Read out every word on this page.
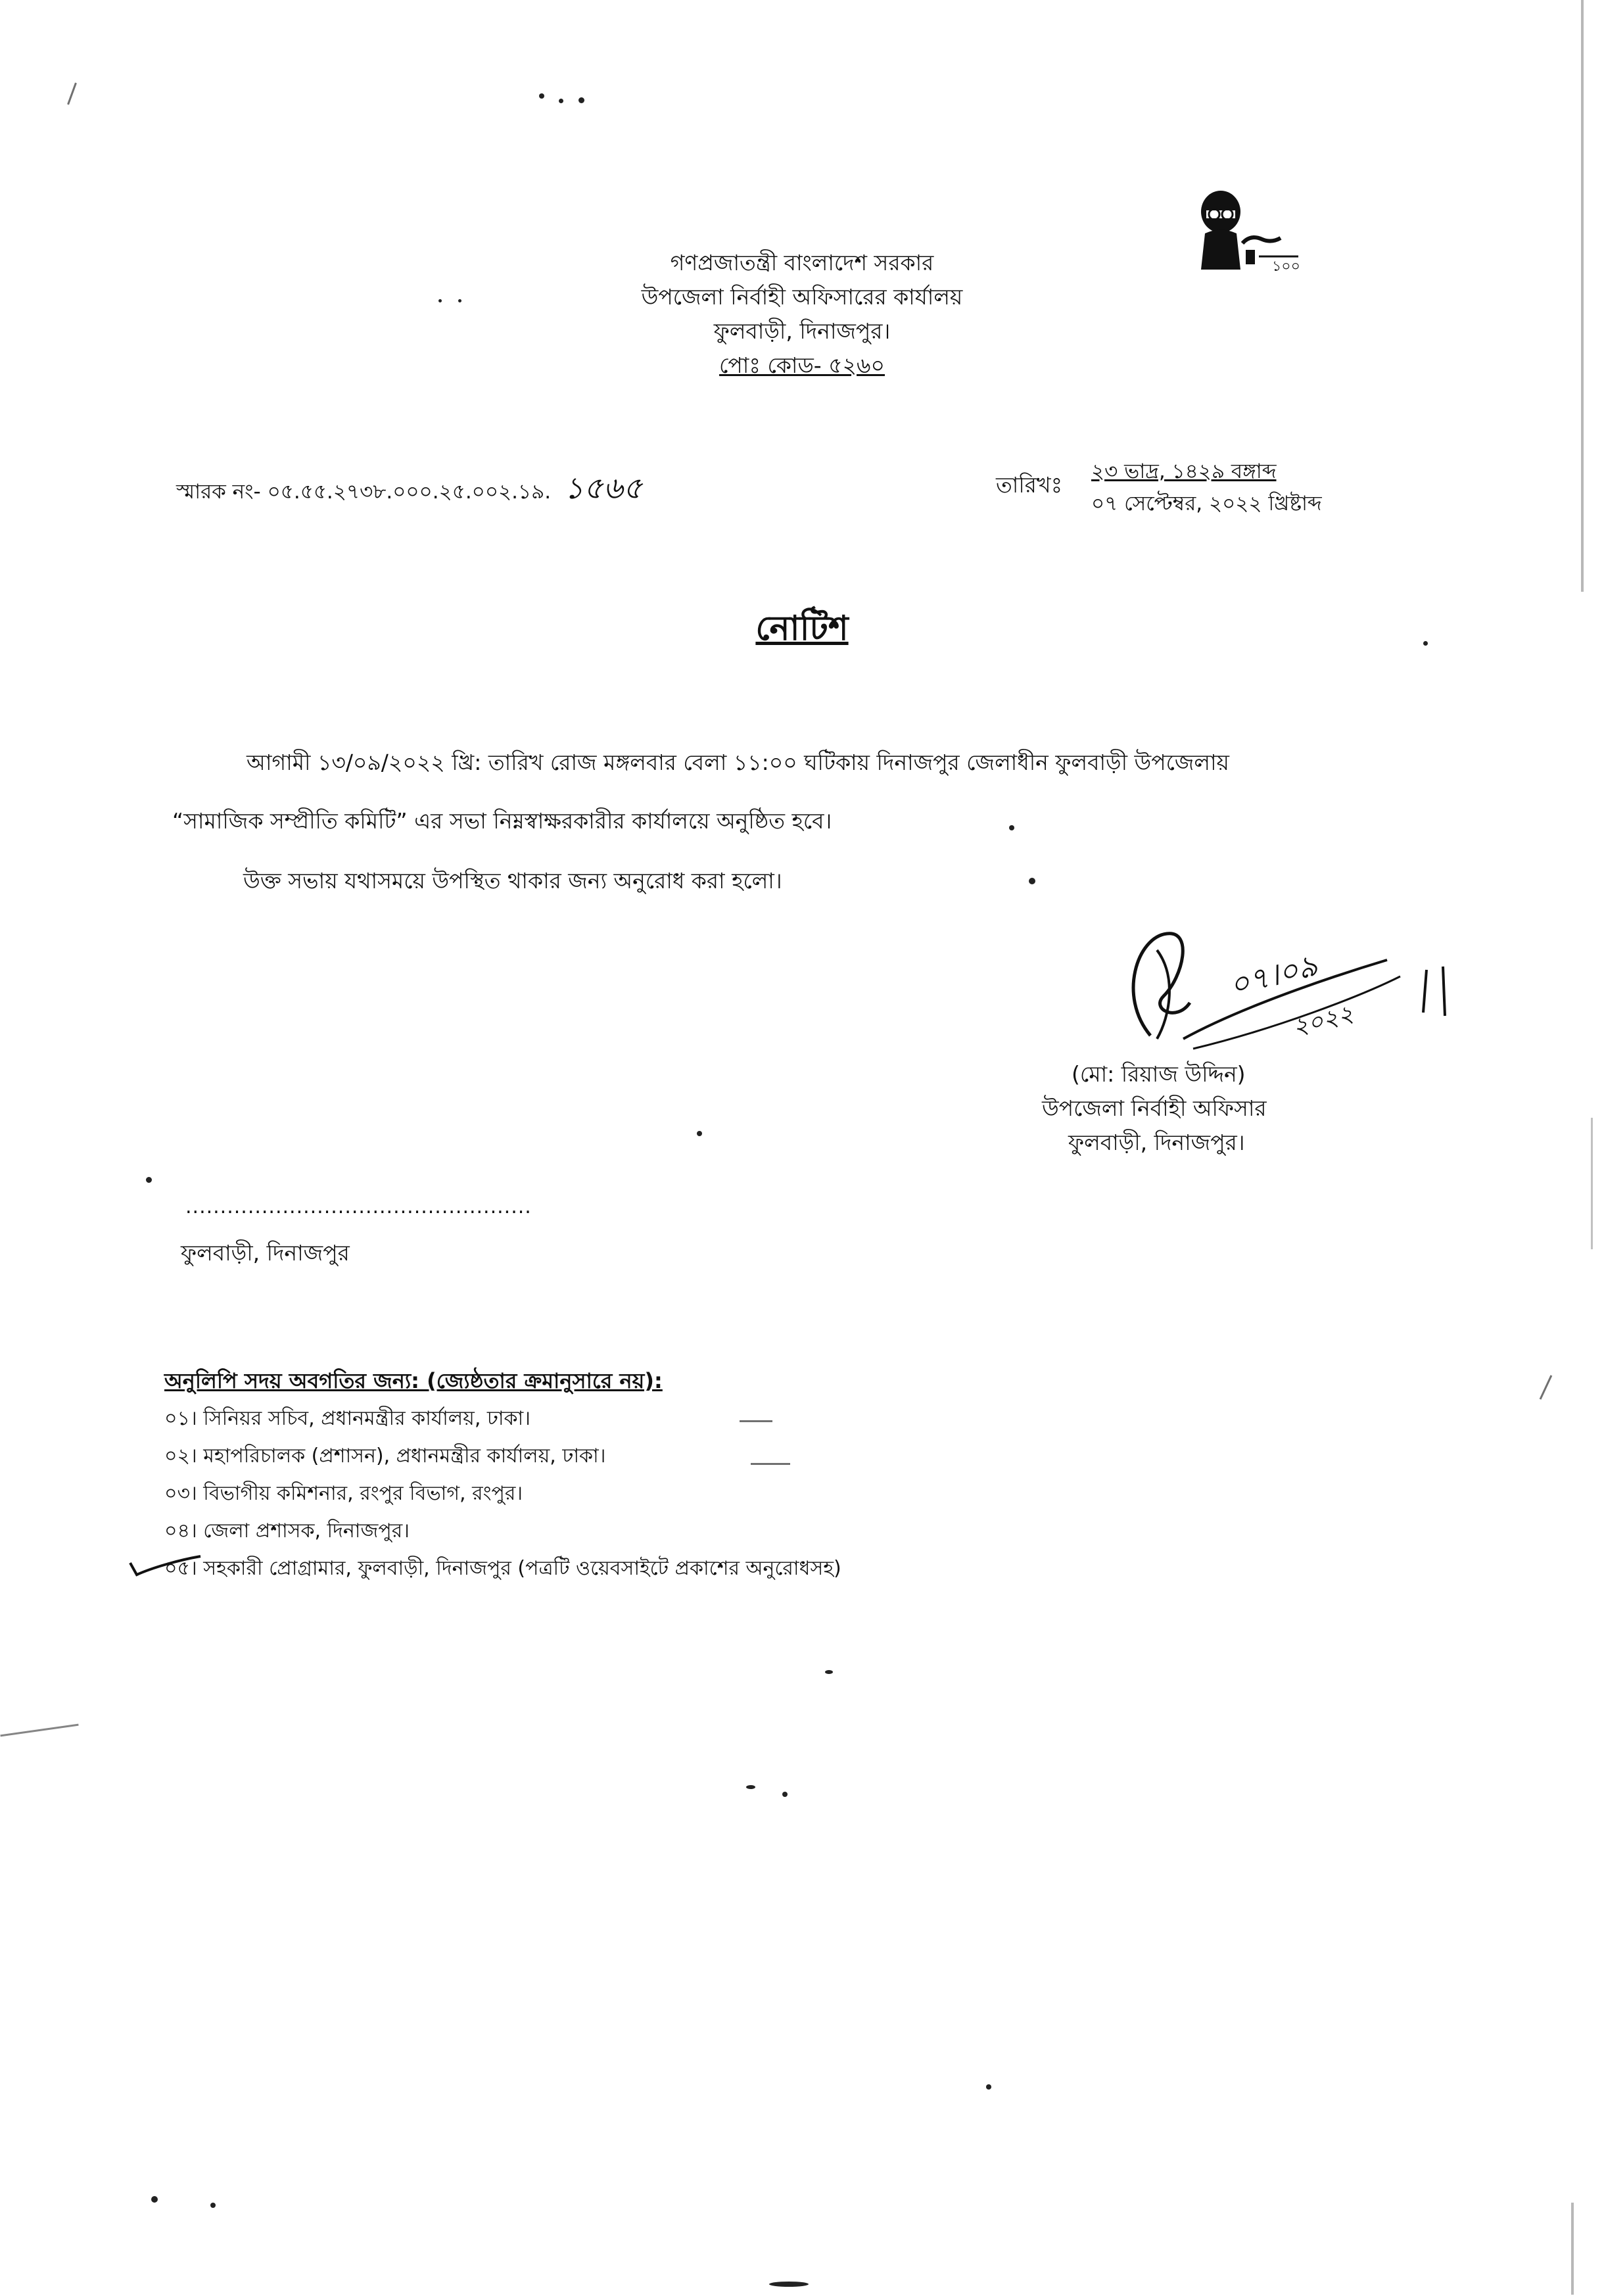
গণপ্রজাতন্ত্রী বাংলাদেশ সরকার
উপজেলা নির্বাহী অফিসারের কার্যালয়
ফুলবাড়ী, দিনাজপুর।
পোঃ কোড- ৫২৬০
১০০
স্মারক নং- ০৫.৫৫.২৭৩৮.০০০.২৫.০০২.১৯. ১৫৬৫	তারিখঃ
২৩ ভাদ্র, ১৪২৯ বঙ্গাব্দ
০৭ সেপ্টেম্বর, ২০২২ খ্রিষ্টাব্দ
নোটিশ
আগামী ১৩/০৯/২০২২ খ্রি: তারিখ রোজ মঙ্গলবার বেলা ১১:০০ ঘটিকায় দিনাজপুর জেলাধীন ফুলবাড়ী উপজেলায়
“সামাজিক সম্প্রীতি কমিটি” এর সভা নিম্নস্বাক্ষরকারীর কার্যালয়ে অনুষ্ঠিত হবে।
উক্ত সভায় যথাসময়ে উপস্থিত থাকার জন্য অনুরোধ করা হলো।
০৭।০৯
২০২২
(মো: রিয়াজ উদ্দিন)
উপজেলা নির্বাহী অফিসার
ফুলবাড়ী, দিনাজপুর।
..................................................
ফুলবাড়ী, দিনাজপুর
অনুলিপি সদয় অবগতির জন্য: (জ্যেষ্ঠতার ক্রমানুসারে নয়):
০১। সিনিয়র সচিব, প্রধানমন্ত্রীর কার্যালয়, ঢাকা।
০২। মহাপরিচালক (প্রশাসন), প্রধানমন্ত্রীর কার্যালয়, ঢাকা।
০৩। বিভাগীয় কমিশনার, রংপুর বিভাগ, রংপুর।
০৪। জেলা প্রশাসক, দিনাজপুর।
০৫। সহকারী প্রোগ্রামার, ফুলবাড়ী, দিনাজপুর (পত্রটি ওয়েবসাইটে প্রকাশের অনুরোধসহ)
